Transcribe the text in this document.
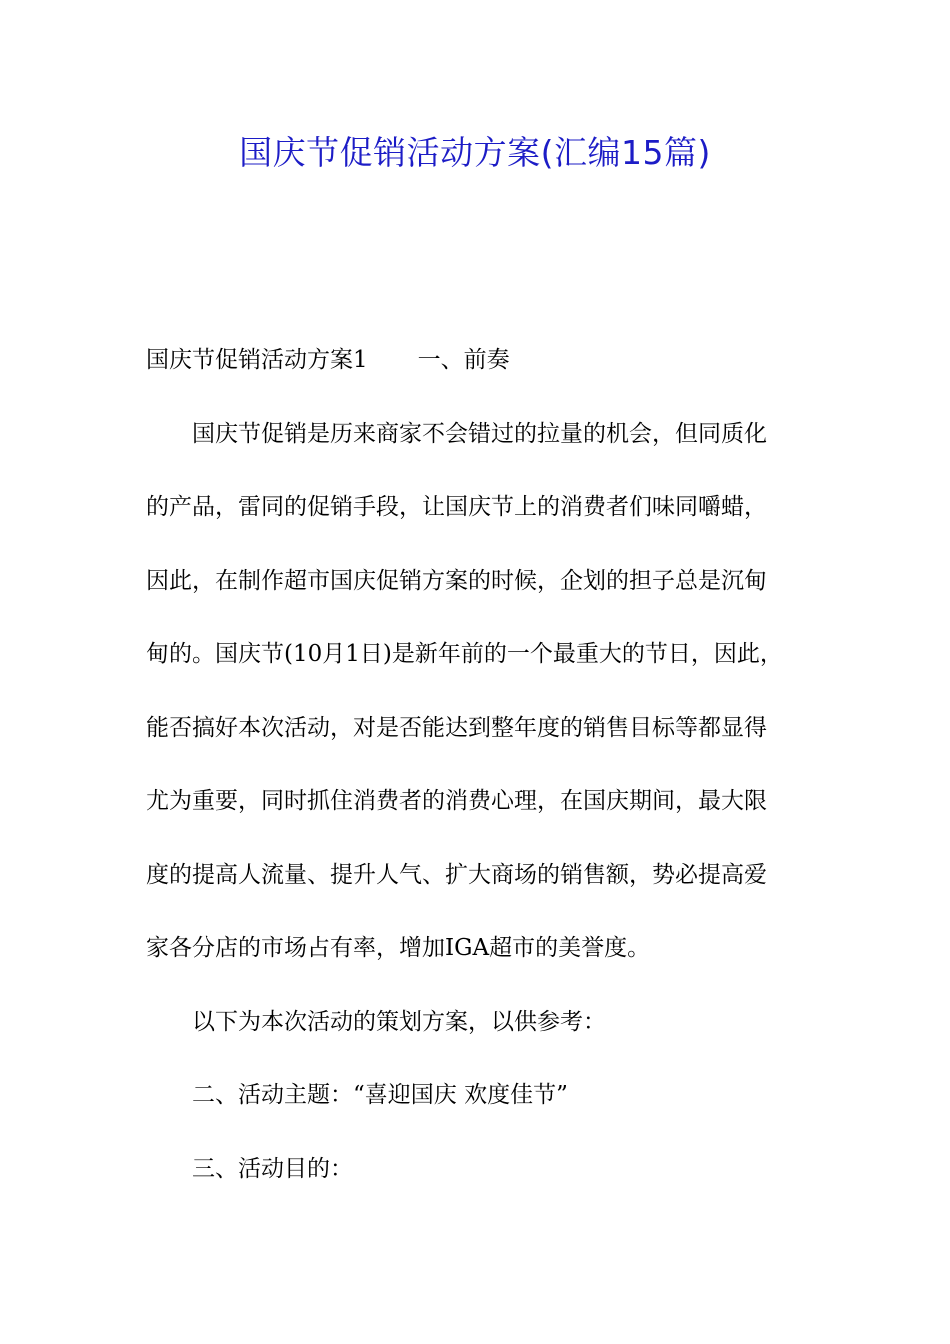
国庆节促销活动方案(汇编15篇)
国庆节促销活动方案1 一、前奏
国庆节促销是历来商家不会错过的拉量的机会，但同质化
的产品，雷同的促销手段，让国庆节上的消费者们味同嚼蜡，
因此，在制作超市国庆促销方案的时候，企划的担子总是沉甸
甸的。国庆节(10月1日)是新年前的一个最重大的节日，因此，
能否搞好本次活动，对是否能达到整年度的销售目标等都显得
尤为重要，同时抓住消费者的消费心理，在国庆期间，最大限
度的提高人流量、提升人气、扩大商场的销售额，势必提高爱
家各分店的市场占有率，增加IGA超市的美誉度。
以下为本次活动的策划方案，以供参考：
二、活动主题：“喜迎国庆 欢度佳节”
三、活动目的：
